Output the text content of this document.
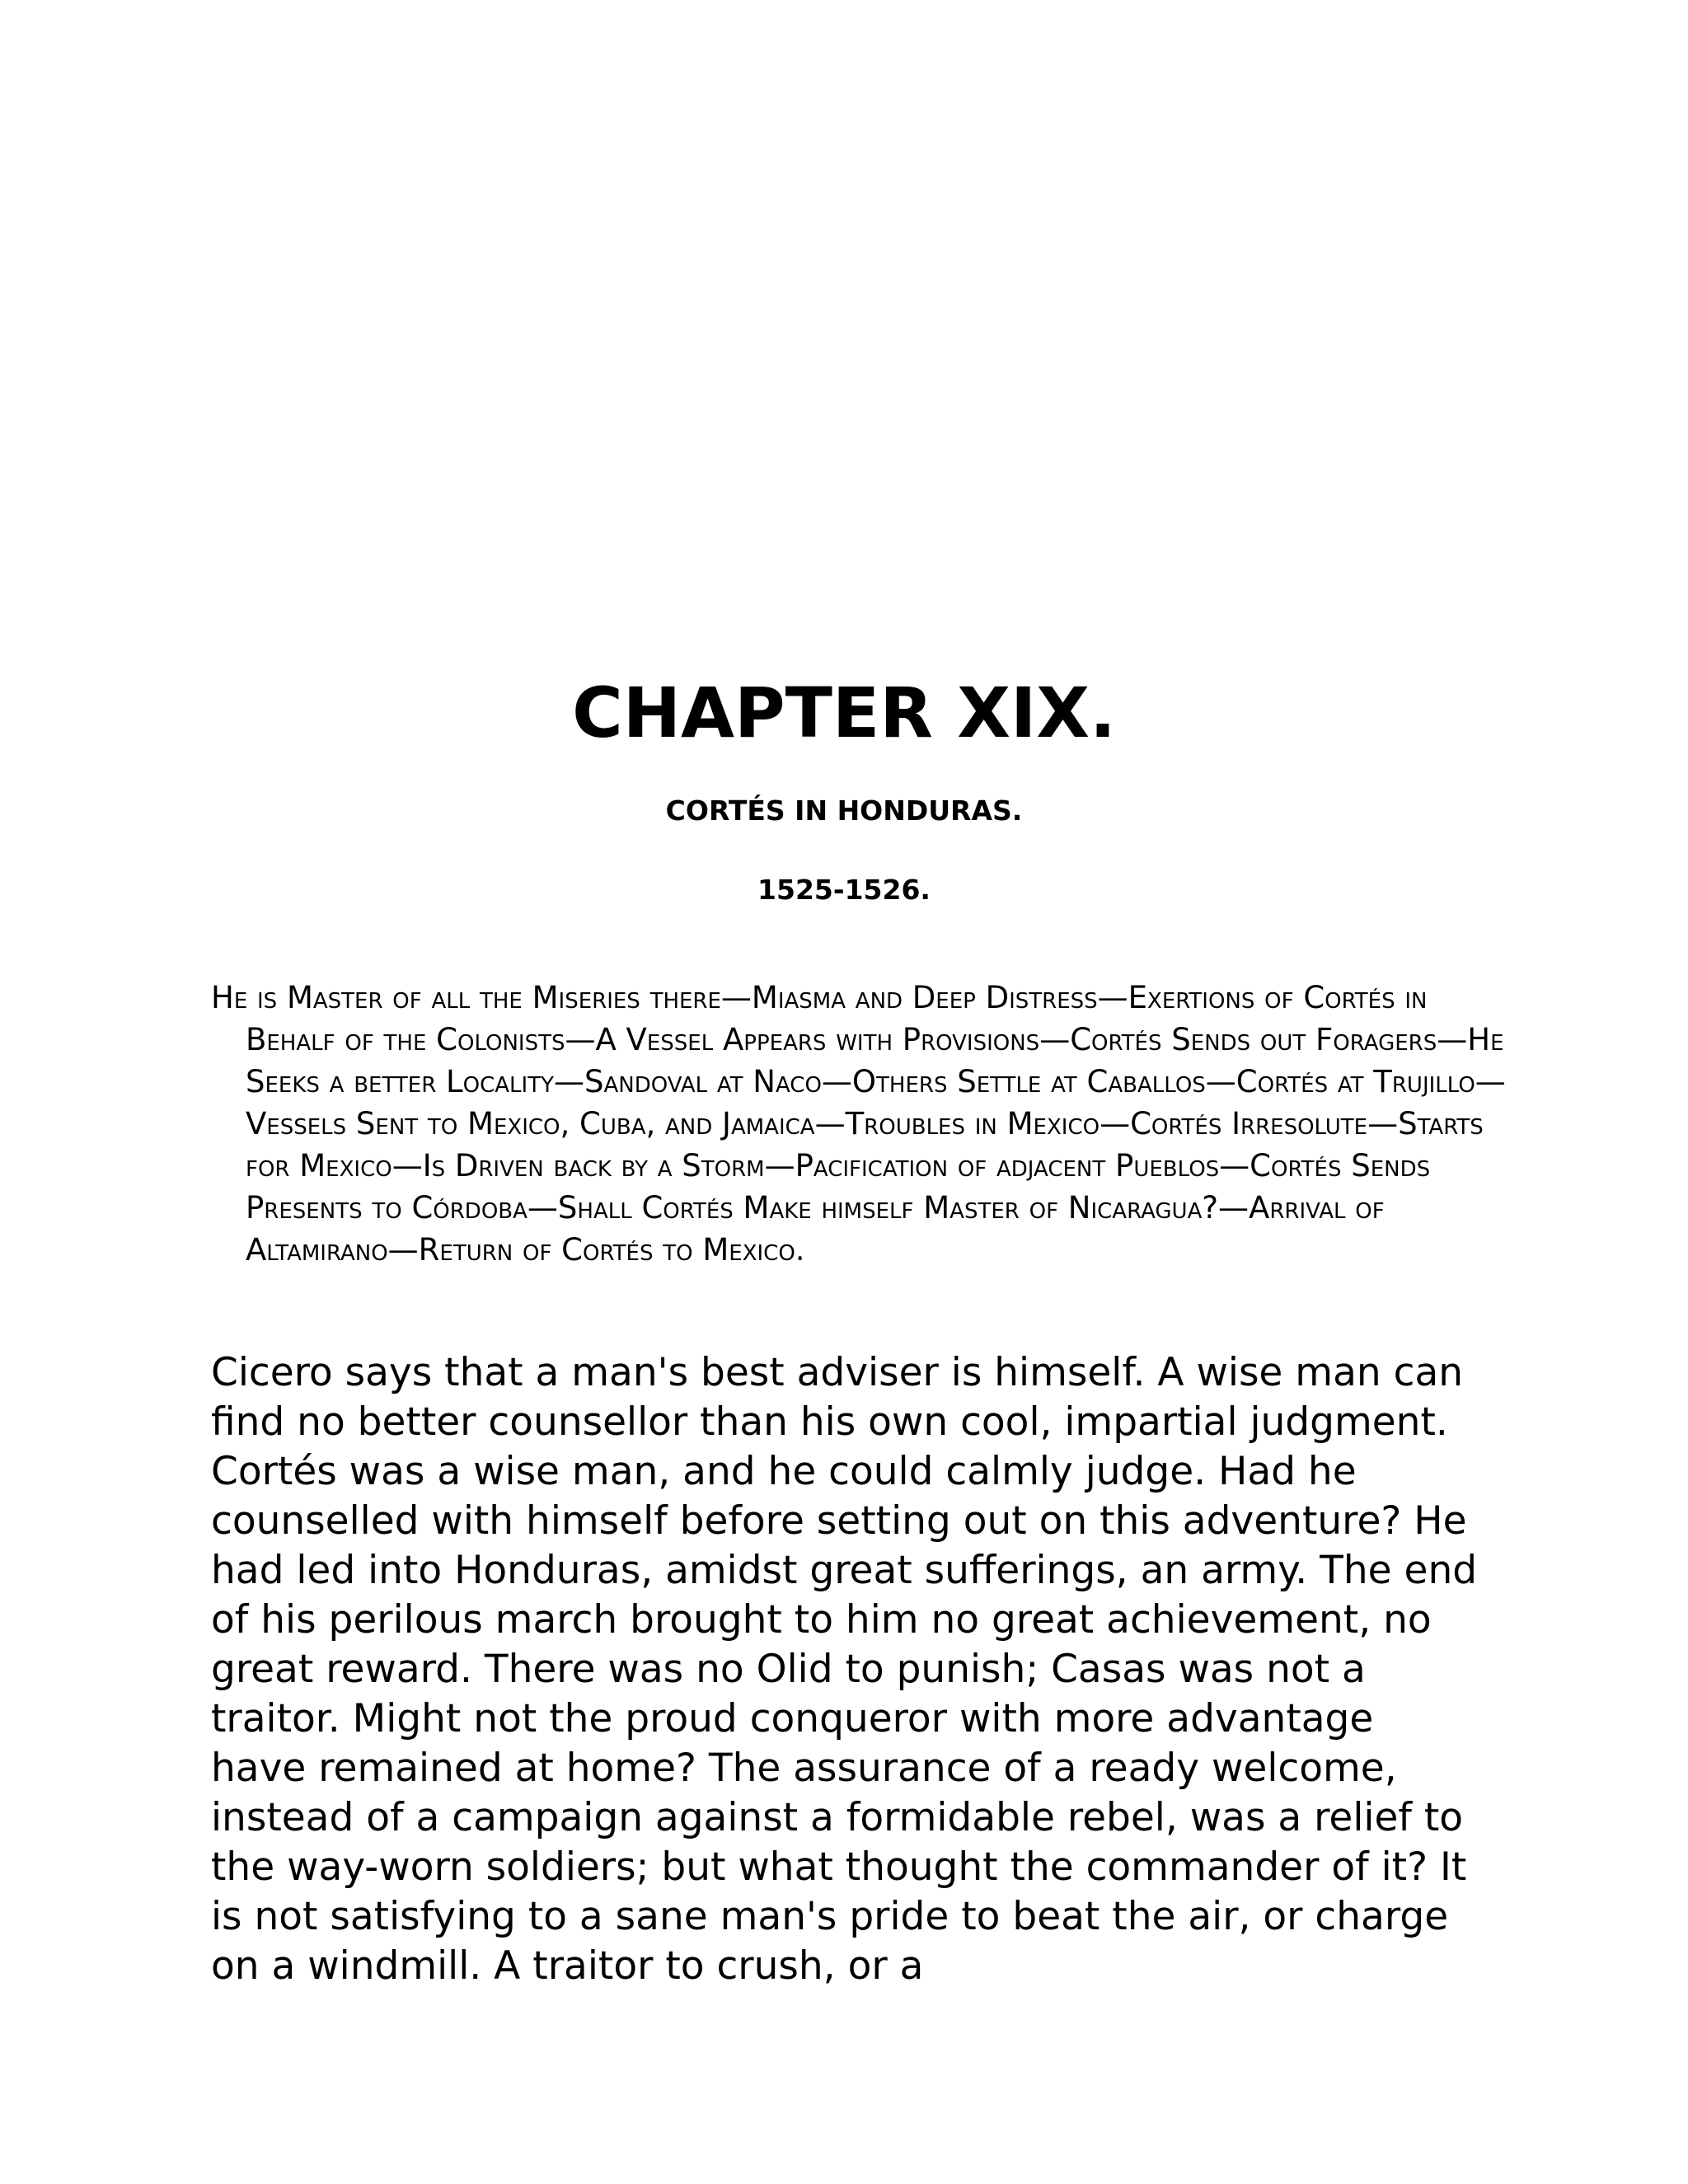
CHAPTER XIX.
CORTÉS IN HONDURAS.
1525-1526.

He is Master of all the Miseries there—Miasma and Deep Distress—Exertions of Cortés in Behalf of the Colonists—A Vessel Appears with Provisions—Cortés Sends out Foragers—He Seeks a better Locality—Sandoval at Naco—Others Settle at Caballos—Cortés at Trujillo—Vessels Sent to Mexico, Cuba, and Jamaica—Troubles in Mexico—Cortés Irresolute—Starts for Mexico—Is Driven back by a Storm—Pacification of adjacent Pueblos—Cortés Sends Presents to Córdoba—Shall Cortés Make himself Master of Nicaragua?—Arrival of Altamirano—Return of Cortés to Mexico.

Cicero says that a man's best adviser is himself. A wise man can find no better counsellor than his own cool, impartial judgment. Cortés was a wise man, and he could calmly judge. Had he counselled with himself before setting out on this adventure? He had led into Honduras, amidst great sufferings, an army. The end of his perilous march brought to him no great achievement, no great reward. There was no Olid to punish; Casas was not a traitor. Might not the proud conqueror with more advantage have remained at home? The assurance of a ready welcome, instead of a campaign against a formidable rebel, was a relief to the way-worn soldiers; but what thought the commander of it? It is not satisfying to a sane man's pride to beat the air, or charge on a windmill. A traitor to crush, or a
